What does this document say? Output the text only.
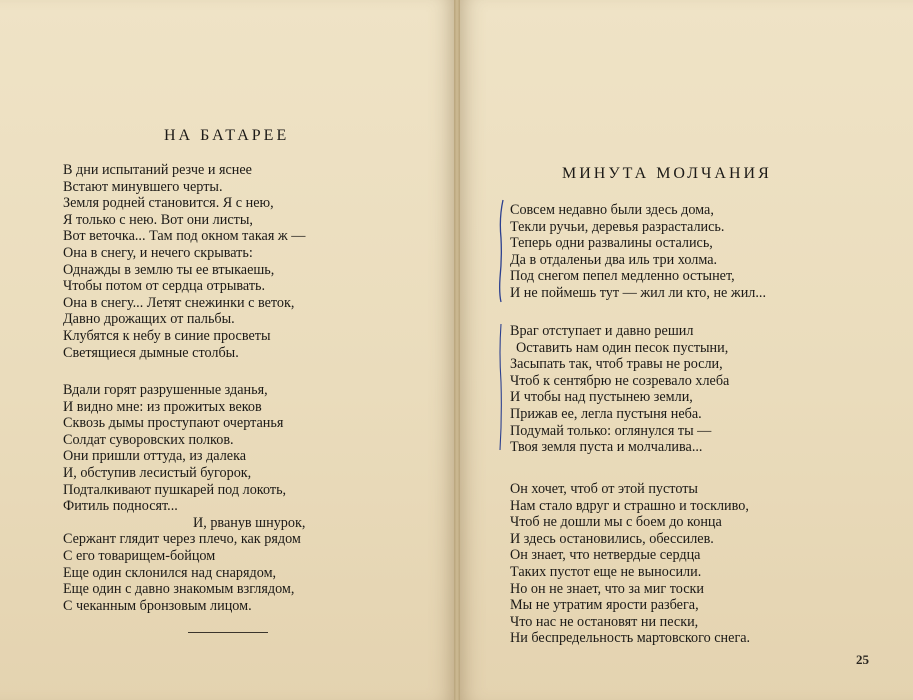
НА БАТАРЕЕ
В дни испытаний резче и яснее
Встают минувшего черты.
Земля родней становится. Я с нею,
Я только с нею. Вот они листы,
Вот веточка... Там под окном такая ж —
Она в снегу, и нечего скрывать:
Однажды в землю ты ее втыкаешь,
Чтобы потом от сердца отрывать.
Она в снегу... Летят снежинки с веток,
Давно дрожащих от пальбы.
Клубятся к небу в синие просветы
Светящиеся дымные столбы.
Вдали горят разрушенные зданья,
И видно мне: из прожитых веков
Сквозь дымы проступают очертанья
Солдат суворовских полков.
Они пришли оттуда, из далека
И, обступив лесистый бугорок,
Подталкивают пушкарей под локоть,
Фитиль подносят...
И, рванув шнурок,
Сержант глядит через плечо, как рядом
С его товарищем-бойцом
Еще один склонился над снарядом,
Еще один с давно знакомым взглядом,
С чеканным бронзовым лицом.
МИНУТА МОЛЧАНИЯ
Совсем недавно были здесь дома,
Текли ручьи, деревья разрастались.
Теперь одни развалины остались,
Да в отдаленьи два иль три холма.
Под снегом пепел медленно остынет,
И не поймешь тут — жил ли кто, не жил...
Враг отступает и давно решил
Оставить нам один песок пустыни,
Засыпать так, чтоб травы не росли,
Чтоб к сентябрю не созревало хлеба
И чтобы над пустынею земли,
Прижав ее, легла пустыня неба.
Подумай только: оглянулся ты —
Твоя земля пуста и молчалива...
Он хочет, чтоб от этой пустоты
Нам стало вдруг и страшно и тоскливо,
Чтоб не дошли мы с боем до конца
И здесь остановились, обессилев.
Он знает, что нетвердые сердца
Таких пустот еще не выносили.
Но он не знает, что за миг тоски
Мы не утратим ярости разбега,
Что нас не остановят ни пески,
Ни беспредельность мартовского снега.
25
